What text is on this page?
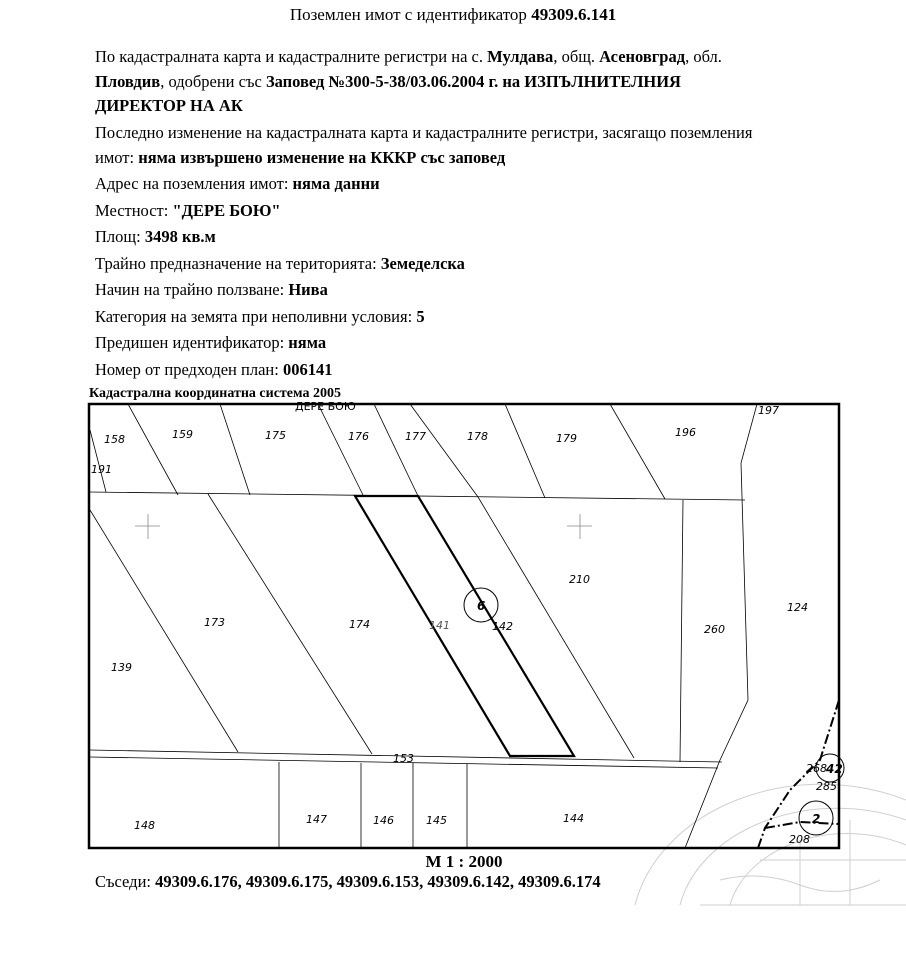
Поземлен имот с идентификатор 49309.6.141
По кадастралната карта и кадастралните регистри на с. Мулдава, общ. Асеновград, обл.
Пловдив, одобрени със Заповед №300-5-38/03.06.2004 г. на ИЗПЪЛНИТЕЛНИЯ
ДИРЕКТОР НА АК
Последно изменение на кадастралната карта и кадастралните регистри, засягащо поземления
имот: няма извършено изменение на КККР със заповед
Адрес на поземления имот: няма данни
Местност: "ДЕРЕ БОЮ"
Площ: 3498 кв.м
Трайно предназначение на територията: Земеделска
Начин на трайно ползване: Нива
Категория на земята при неполивни условия: 5
Предишен идентификатор: няма
Номер от предходен план: 006141
ДЕРЕ БОЮ
158	159	175	176	177	178	179	196
197
191
173	174	141	142
210
260
124
139
153
148	147	146	145	144
268
285
208
6
42
2
Кадастрална координатна система 2005
М 1 : 2000
Съседи: 49309.6.176, 49309.6.175, 49309.6.153, 49309.6.142, 49309.6.174
